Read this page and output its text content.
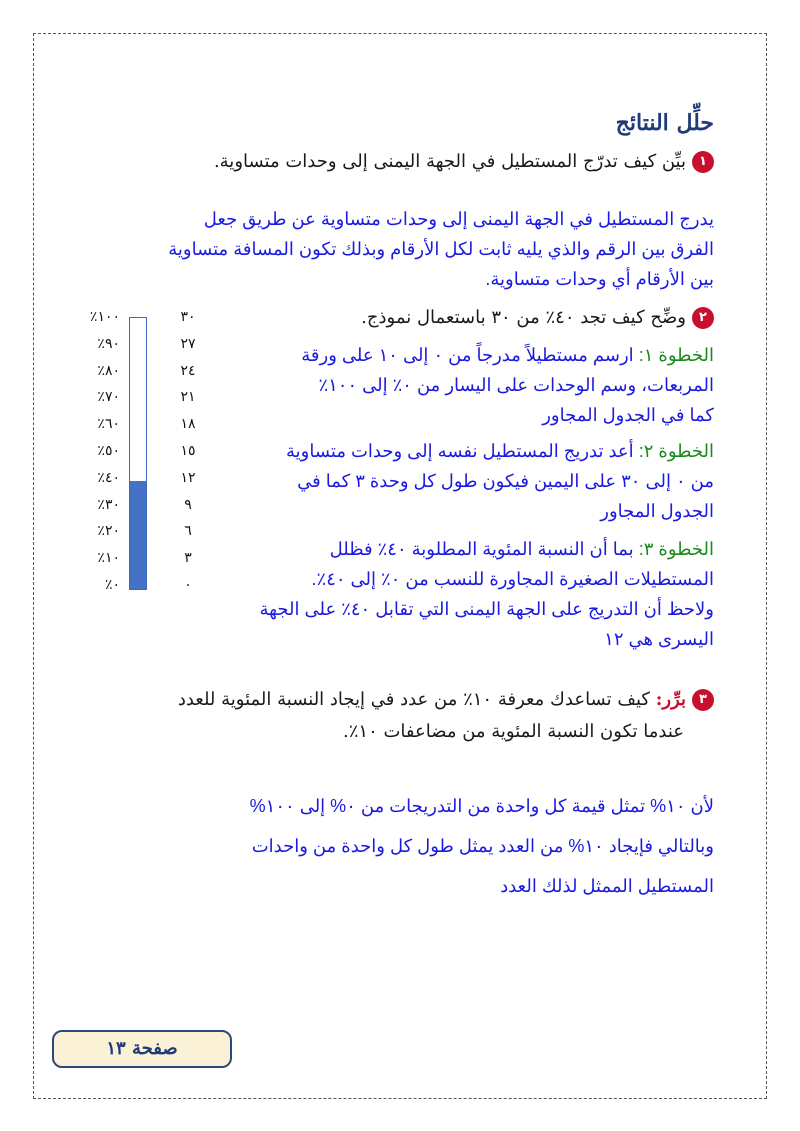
حلِّل النتائج
١بيِّن كيف تدرّج المستطيل في الجهة اليمنى إلى وحدات متساوية.
يدرج المستطيل في الجهة اليمنى إلى وحدات متساوية عن طريق جعل
الفرق بين الرقم والذي يليه ثابت لكل الأرقام وبذلك تكون المسافة متساوية
بين الأرقام أي وحدات متساوية.
٢وضِّح كيف تجد ٤٠٪ من ٣٠ باستعمال نموذج.
الخطوة ١: ارسم مستطيلاً مدرجاً من ٠ إلى ١٠ على ورقة
المربعات، وسم الوحدات على اليسار من ٠٪ إلى ١٠٠٪
كما في الجدول المجاور
الخطوة ٢: أعد تدريج المستطيل نفسه إلى وحدات متساوية
من ٠ إلى ٣٠ على اليمين فيكون طول كل وحدة ٣ كما في
الجدول المجاور
الخطوة ٣: بما أن النسبة المئوية المطلوبة ٤٠٪ فظلل
المستطيلات الصغيرة المجاورة للنسب من ٠٪ إلى ٤٠٪.
ولاحظ أن التدريج على الجهة اليمنى التي تقابل ٤٠٪ على الجهة
اليسرى هي ١٢
٪١٠٠
٪٩٠
٪٨٠
٪٧٠
٪٦٠
٪٥٠
٪٤٠
٪٣٠
٪٢٠
٪١٠
٪٠
٣٠
٢٧
٢٤
٢١
١٨
١٥
١٢
٩
٦
٣
٠
٣برِّر: كيف تساعدك معرفة ١٠٪ من عدد في إيجاد النسبة المئوية للعدد
عندما تكون النسبة المئوية من مضاعفات ١٠٪.
لأن ١٠% تمثل قيمة كل واحدة من التدريجات من ٠% إلى ١٠٠%
وبالتالي فإيجاد ١٠% من العدد يمثل طول كل واحدة من واحدات
المستطيل الممثل لذلك العدد
صفحة ١٣
